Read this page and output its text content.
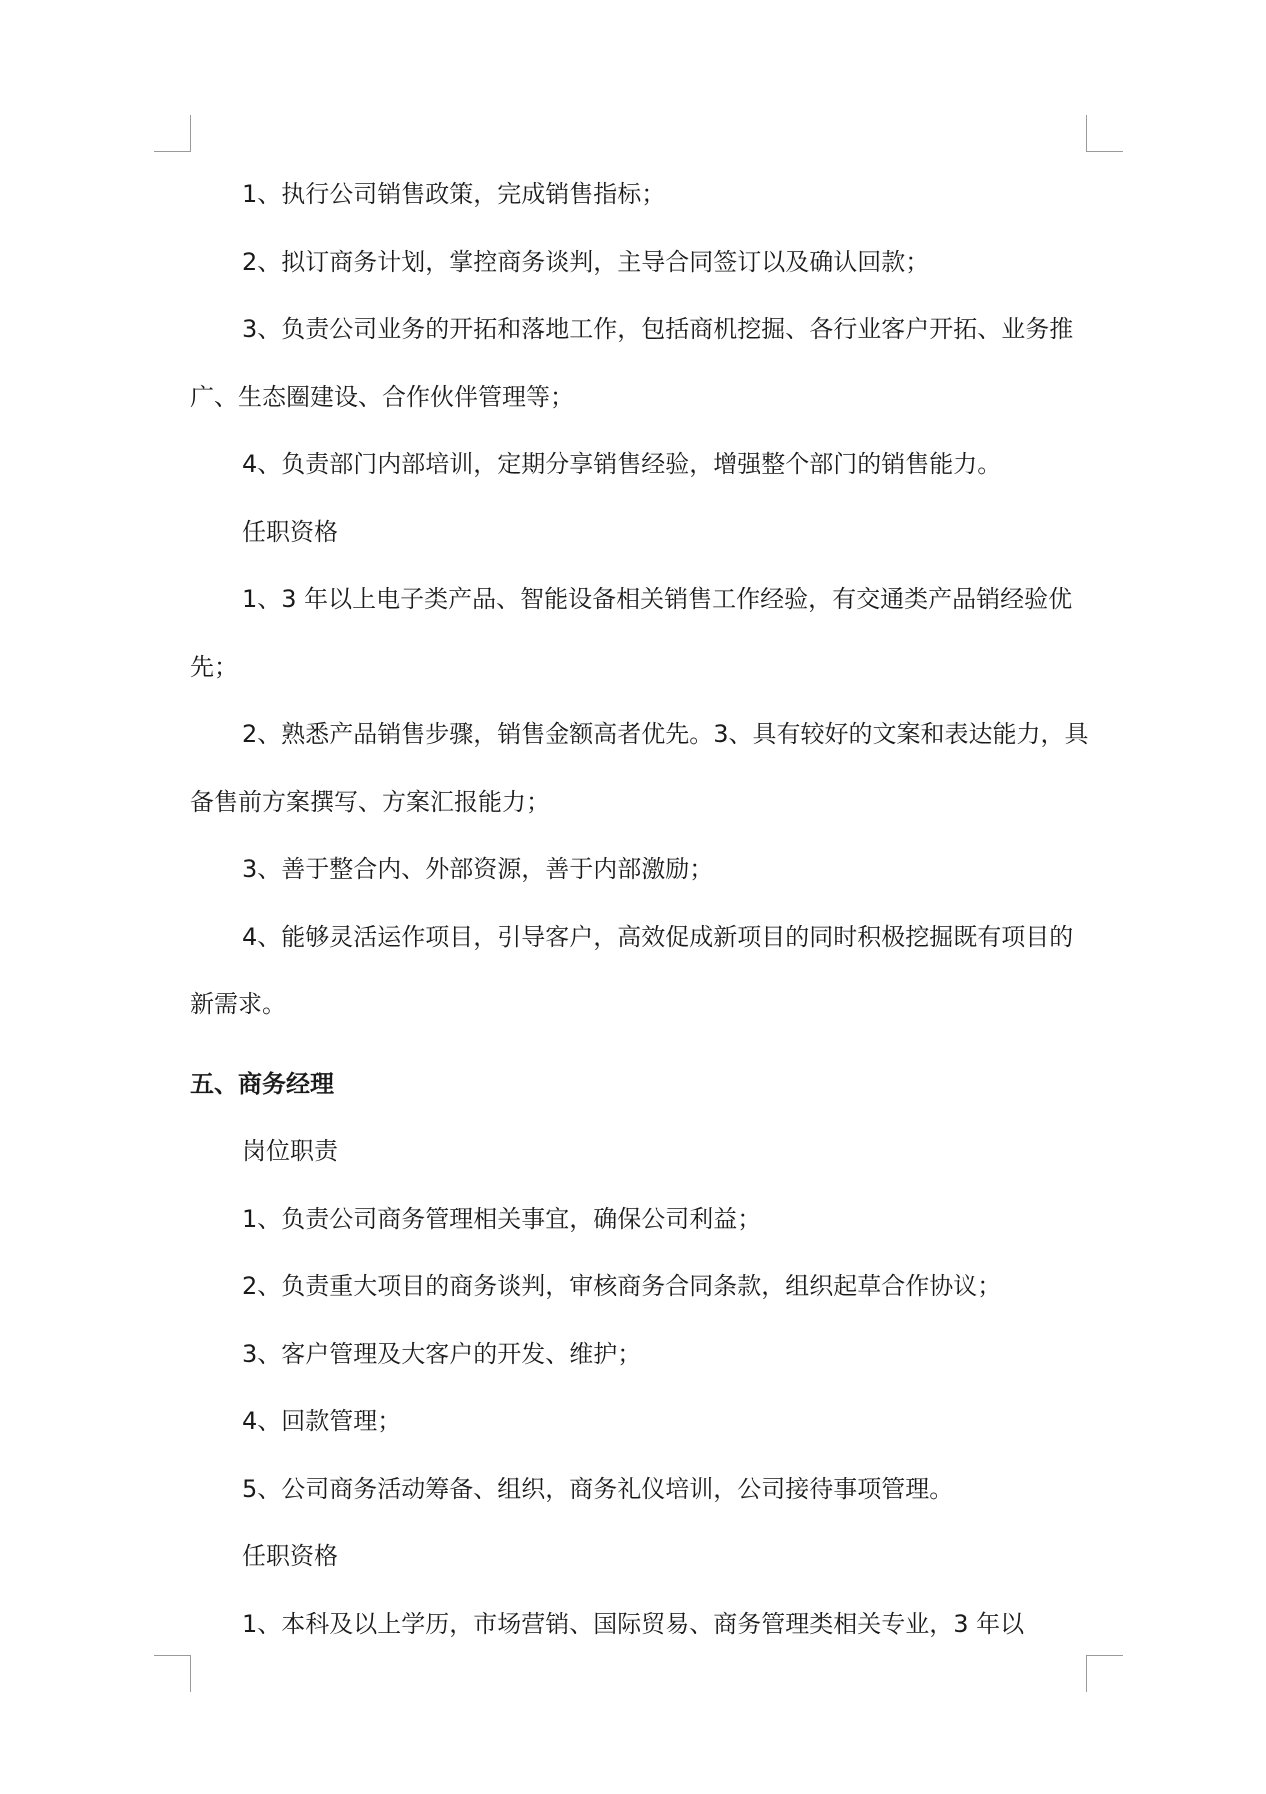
1、执行公司销售政策，完成销售指标；

2、拟订商务计划，掌控商务谈判，主导合同签订以及确认回款；

3、负责公司业务的开拓和落地工作，包括商机挖掘、各行业客户开拓、业务推广、生态圈建设、合作伙伴管理等；

4、负责部门内部培训，定期分享销售经验，增强整个部门的销售能力。

任职资格

1、3 年以上电子类产品、智能设备相关销售工作经验，有交通类产品销经验优先；

2、熟悉产品销售步骤，销售金额高者优先。3、具有较好的文案和表达能力，具备售前方案撰写、方案汇报能力；

3、善于整合内、外部资源，善于内部激励；

4、能够灵活运作项目，引导客户，高效促成新项目的同时积极挖掘既有项目的新需求。

五、商务经理

岗位职责

1、负责公司商务管理相关事宜，确保公司利益；

2、负责重大项目的商务谈判，审核商务合同条款，组织起草合作协议；

3、客户管理及大客户的开发、维护；

4、回款管理；

5、公司商务活动筹备、组织，商务礼仪培训，公司接待事项管理。

任职资格

1、本科及以上学历，市场营销、国际贸易、商务管理类相关专业，3 年以
